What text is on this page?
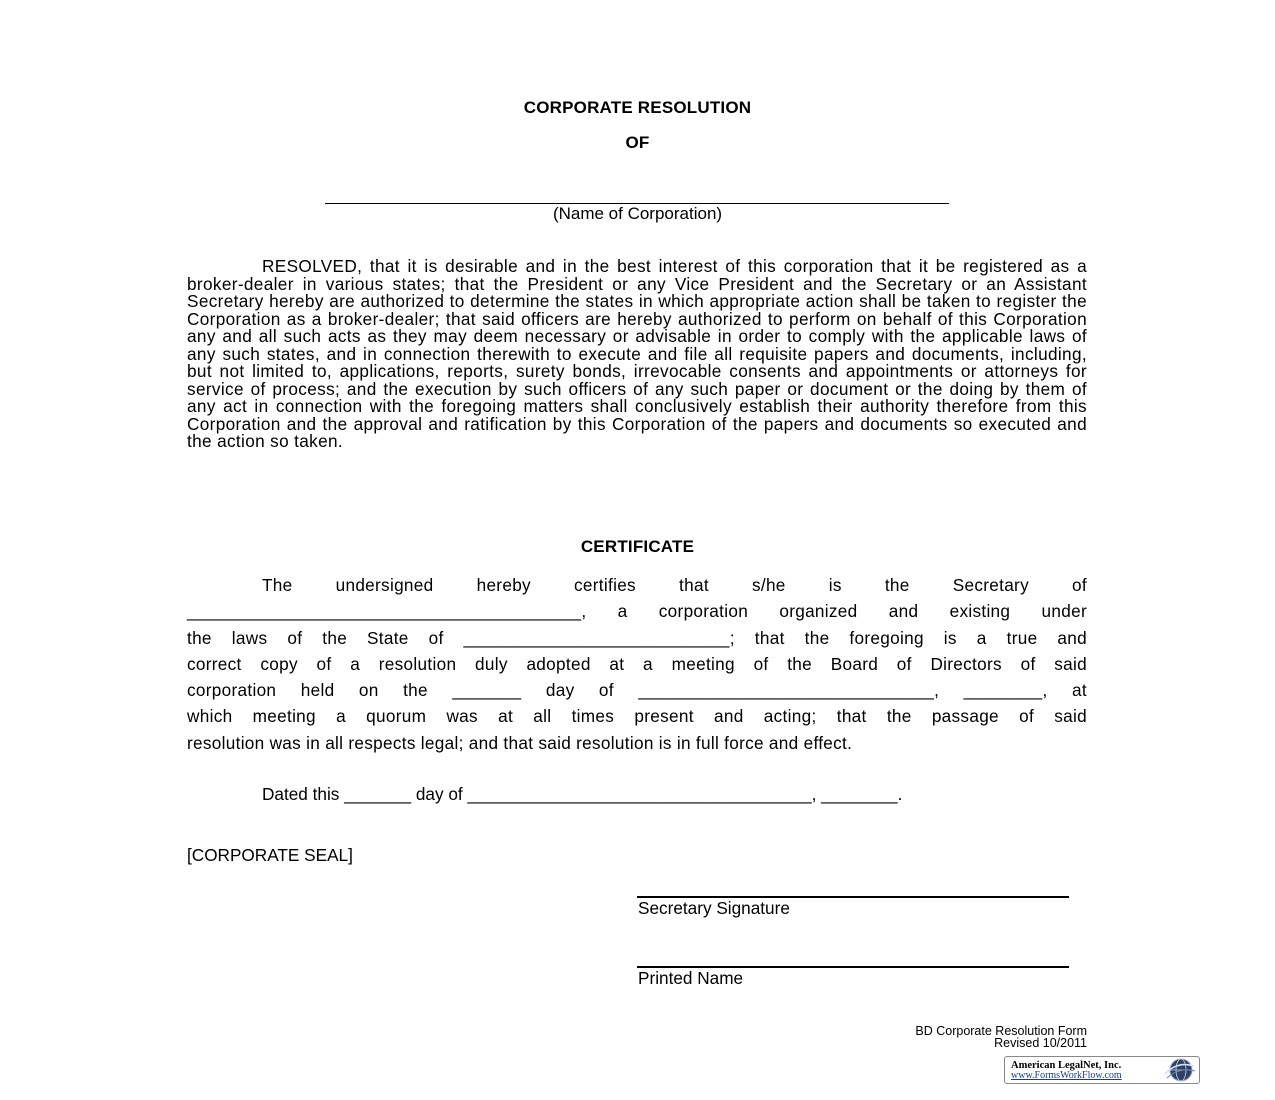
CORPORATE RESOLUTION
OF
(Name of Corporation)

RESOLVED, that it is desirable and in the best interest of this corporation that it be registered as a broker-dealer in various states; that the President or any Vice President and the Secretary or an Assistant Secretary hereby are authorized to determine the states in which appropriate action shall be taken to register the Corporation as a broker-dealer; that said officers are hereby authorized to perform on behalf of this Corporation any and all such acts as they may deem necessary or advisable in order to comply with the applicable laws of any such states, and in connection therewith to execute and file all requisite papers and documents, including, but not limited to, applications, reports, surety bonds, irrevocable consents and appointments or attorneys for service of process; and the execution by such officers of any such paper or document or the doing by them of any act in connection with the foregoing matters shall conclusively establish their authority therefore from this Corporation and the approval and ratification by this Corporation of the papers and documents so executed and the action so taken.

CERTIFICATE
The undersigned hereby certifies that s/he is the Secretary of
________________________________________, a corporation organized and existing under
the laws of the State of ___________________________; that the foregoing is a true and
correct copy of a resolution duly adopted at a meeting of the Board of Directors of said
corporation held on the _______ day of ______________________________, ________, at
which meeting a quorum was at all times present and acting; that the passage of said
resolution was in all respects legal; and that said resolution is in full force and effect.
Dated this _______ day of ____________________________________, ________.
[CORPORATE SEAL]
Secretary Signature
Printed Name
BD Corporate Resolution Form
Revised 10/2011
American LegalNet, Inc.
www.FormsWorkFlow.com
